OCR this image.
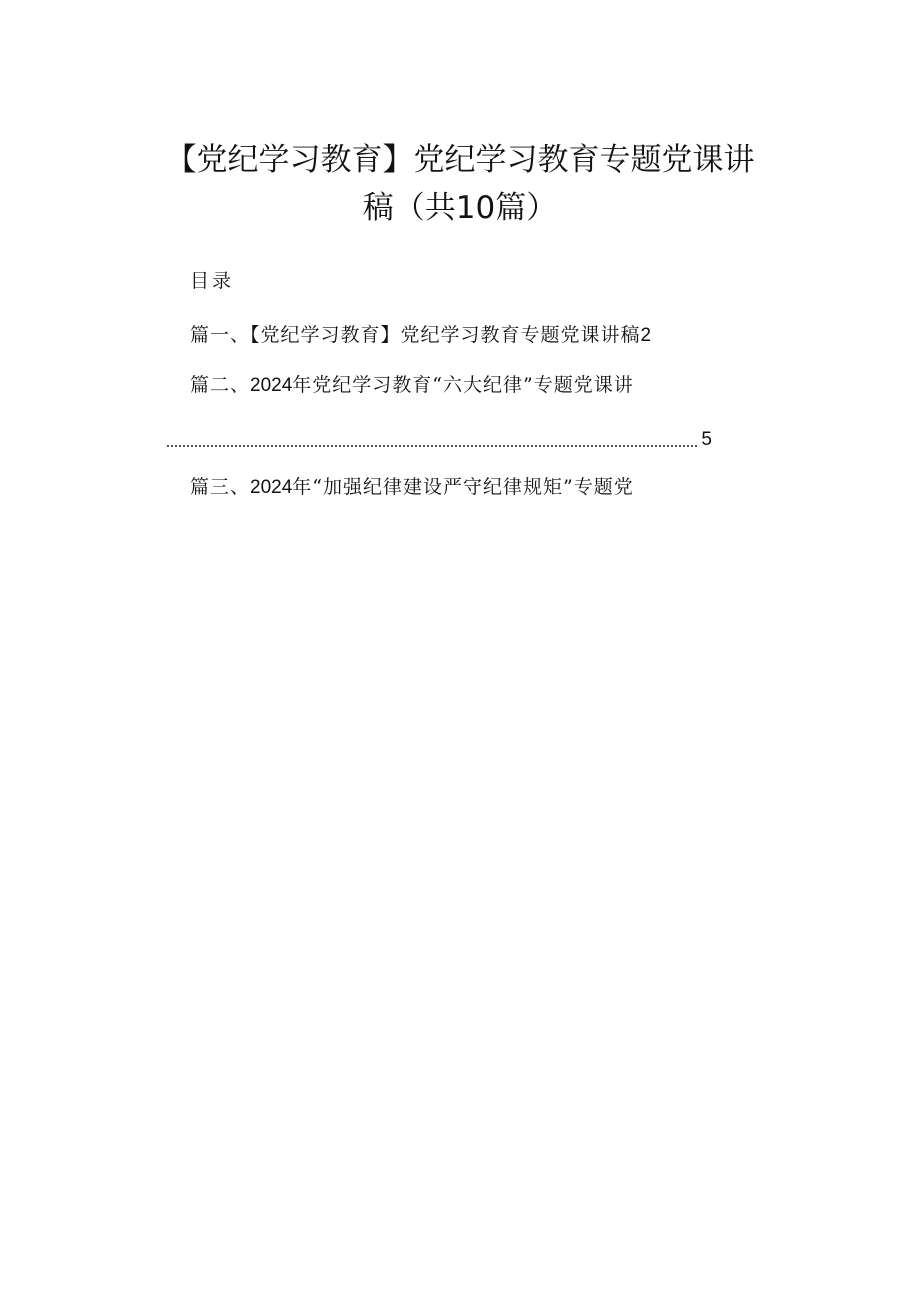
【党纪学习教育】党纪学习教育专题党课讲
稿（共10篇）
目录
篇一、【党纪学习教育】党纪学习教育专题党课讲稿2
篇二、2024年党纪学习教育“六大纪律”专题党课讲
5
篇三、2024年“加强纪律建设严守纪律规矩”专题党
